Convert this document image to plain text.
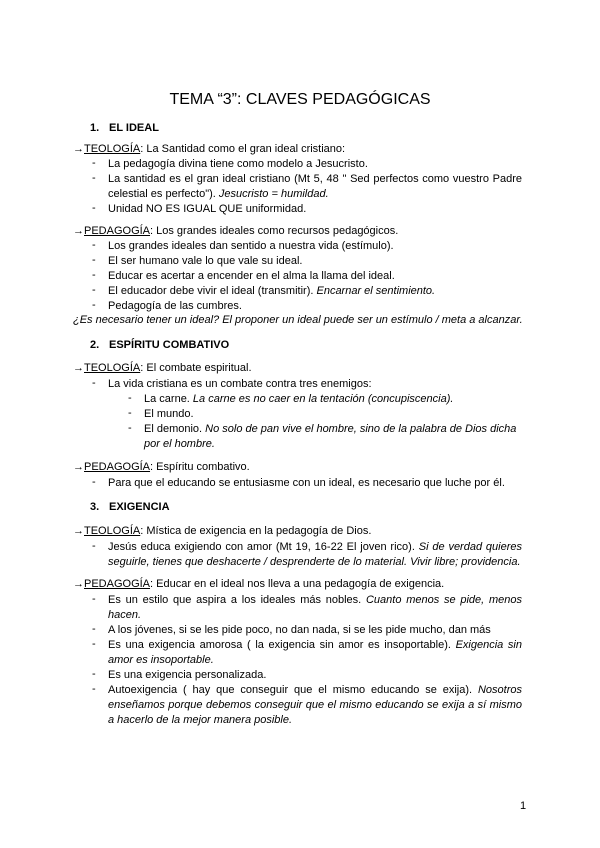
TEMA “3”: CLAVES PEDAGÓGICAS
1. EL IDEAL
→TEOLOGÍA: La Santidad como el gran ideal cristiano:
- La pedagogía divina tiene como modelo a Jesucristo.
- La santidad es el gran ideal cristiano (Mt 5, 48 " Sed perfectos como vuestro Padre celestial es perfecto"). Jesucristo = humildad.
- Unidad NO ES IGUAL QUE uniformidad.
→PEDAGOGÍA: Los grandes ideales como recursos pedagógicos.
- Los grandes ideales dan sentido a nuestra vida (estímulo).
- El ser humano vale lo que vale su ideal.
- Educar es acertar a encender en el alma la llama del ideal.
- El educador debe vivir el ideal (transmitir). Encarnar el sentimiento.
- Pedagogía de las cumbres.
¿Es necesario tener un ideal? El proponer un ideal puede ser un estímulo / meta a alcanzar.
2. ESPÍRITU COMBATIVO
→TEOLOGÍA: El combate espiritual.
- La vida cristiana es un combate contra tres enemigos:
- La carne. La carne es no caer en la tentación (concupiscencia).
- El mundo.
- El demonio. No solo de pan vive el hombre, sino de la palabra de Dios dicha por el hombre.
→PEDAGOGÍA: Espíritu combativo.
- Para que el educando se entusiasme con un ideal, es necesario que luche por él.
3. EXIGENCIA
→TEOLOGÍA: Mística de exigencia en la pedagogía de Dios.
- Jesús educa exigiendo con amor (Mt 19, 16-22 El joven rico). Si de verdad quieres seguirle, tienes que deshacerte / desprenderte de lo material. Vivir libre; providencia.
→PEDAGOGÍA: Educar en el ideal nos lleva a una pedagogía de exigencia.
- Es un estilo que aspira a los ideales más nobles. Cuanto menos se pide, menos hacen.
- A los jóvenes, si se les pide poco, no dan nada, si se les pide mucho, dan más
- Es una exigencia amorosa ( la exigencia sin amor es insoportable). Exigencia sin amor es insoportable.
- Es una exigencia personalizada.
- Autoexigencia ( hay que conseguir que el mismo educando se exija). Nosotros enseñamos porque debemos conseguir que el mismo educando se exija a sí mismo a hacerlo de la mejor manera posible.
1
